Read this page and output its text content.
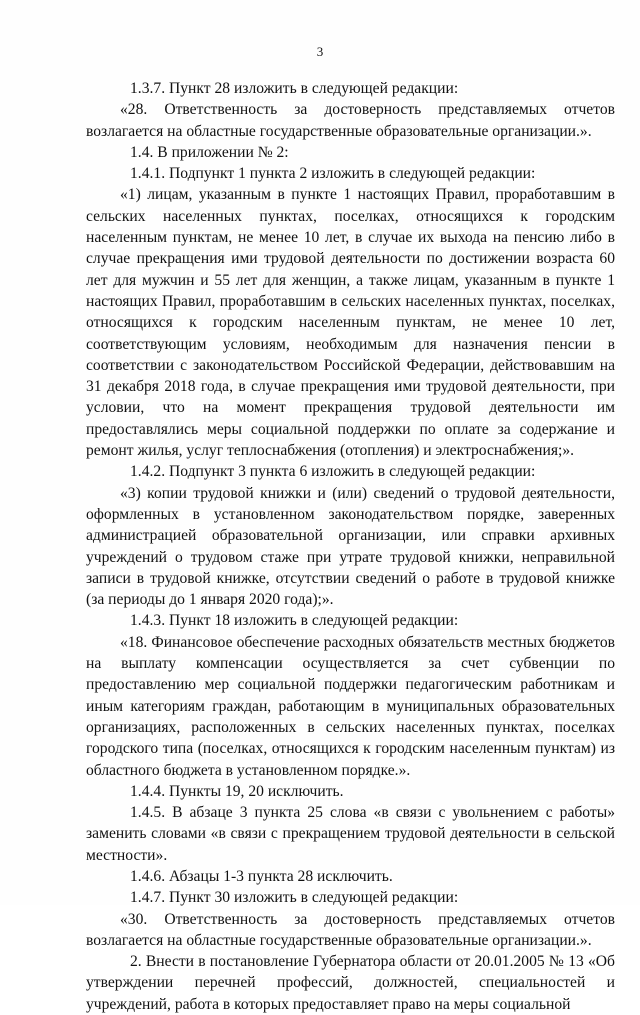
3

1.3.7. Пункт 28 изложить в следующей редакции:

«28. Ответственность за достоверность представляемых отчетов возлагается на областные государственные образовательные организации.».

1.4. В приложении № 2:

1.4.1. Подпункт 1 пункта 2 изложить в следующей редакции:

«1) лицам, указанным в пункте 1 настоящих Правил, проработавшим в сельских населенных пунктах, поселках, относящихся к городским населенным пунктам, не менее 10 лет, в случае их выхода на пенсию либо в случае прекращения ими трудовой деятельности по достижении возраста 60 лет для мужчин и 55 лет для женщин, а также лицам, указанным в пункте 1 настоящих Правил, проработавшим в сельских населенных пунктах, поселках, относящихся к городским населенным пунктам, не менее 10 лет, соответствующим условиям, необходимым для назначения пенсии в соответствии с законодательством Российской Федерации, действовавшим на 31 декабря 2018 года, в случае прекращения ими трудовой деятельности, при условии, что на момент прекращения трудовой деятельности им предоставлялись меры социальной поддержки по оплате за содержание и ремонт жилья, услуг теплоснабжения (отопления) и электроснабжения;».

1.4.2. Подпункт 3 пункта 6 изложить в следующей редакции:

«3) копии трудовой книжки и (или) сведений о трудовой деятельности, оформленных в установленном законодательством порядке, заверенных администрацией образовательной организации, или справки архивных учреждений о трудовом стаже при утрате трудовой книжки, неправильной записи в трудовой книжке, отсутствии сведений о работе в трудовой книжке (за периоды до 1 января 2020 года);».

1.4.3. Пункт 18 изложить в следующей редакции:

«18. Финансовое обеспечение расходных обязательств местных бюджетов на выплату компенсации осуществляется за счет субвенции по предоставлению мер социальной поддержки педагогическим работникам и иным категориям граждан, работающим в муниципальных образовательных организациях, расположенных в сельских населенных пунктах, поселках городского типа (поселках, относящихся к городским населенным пунктам) из областного бюджета в установленном порядке.».

1.4.4. Пункты 19, 20 исключить.

1.4.5. В абзаце 3 пункта 25 слова «в связи с увольнением с работы» заменить словами «в связи с прекращением трудовой деятельности в сельской местности».

1.4.6. Абзацы 1-3 пункта 28 исключить.

1.4.7. Пункт 30 изложить в следующей редакции:

«30. Ответственность за достоверность представляемых отчетов возлагается на областные государственные образовательные организации.».

2. Внести в постановление Губернатора области от 20.01.2005 № 13 «Об утверждении перечней профессий, должностей, специальностей и учреждений, работа в которых предоставляет право на меры социальной
